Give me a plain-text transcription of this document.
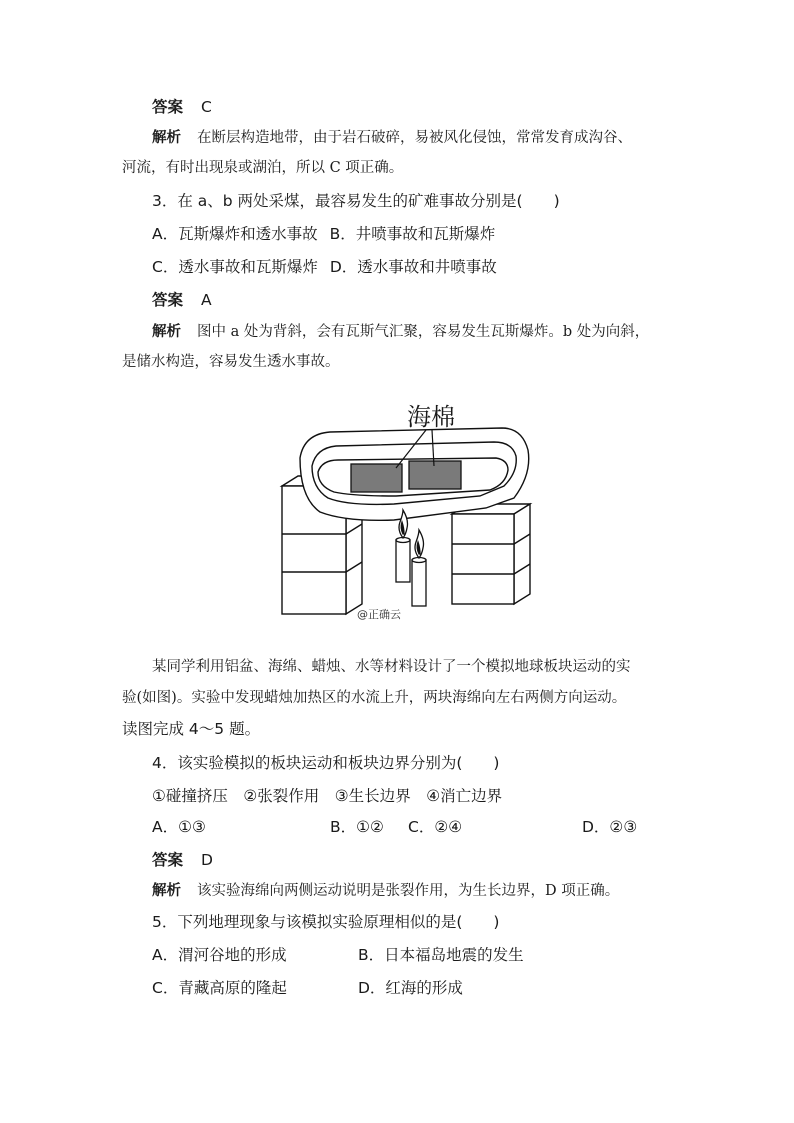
答案 C
解析 在断层构造地带，由于岩石破碎，易被风化侵蚀，常常发育成沟谷、
河流，有时出现泉或湖泊，所以 C 项正确。
3．在 a、b 两处采煤，最容易发生的矿难事故分别是(　　)
A．瓦斯爆炸和透水事故 B．井喷事故和瓦斯爆炸
C．透水事故和瓦斯爆炸 D．透水事故和井喷事故
答案 A
解析 图中 a 处为背斜，会有瓦斯气汇聚，容易发生瓦斯爆炸。b 处为向斜，
是储水构造，容易发生透水事故。
海棉
@正确云
某同学利用铝盆、海绵、蜡烛、水等材料设计了一个模拟地球板块运动的实
验(如图)。实验中发现蜡烛加热区的水流上升，两块海绵向左右两侧方向运动。
读图完成 4～5 题。
4．该实验模拟的板块运动和板块边界分别为(　　)
①碰撞挤压　②张裂作用　③生长边界　④消亡边界
A．①③	B．①② C．②④	D．②③
答案 D
解析 该实验海绵向两侧运动说明是张裂作用，为生长边界，D 项正确。
5．下列地理现象与该模拟实验原理相似的是(　　)
A．渭河谷地的形成	B．日本福岛地震的发生
C．青藏高原的隆起	D．红海的形成
